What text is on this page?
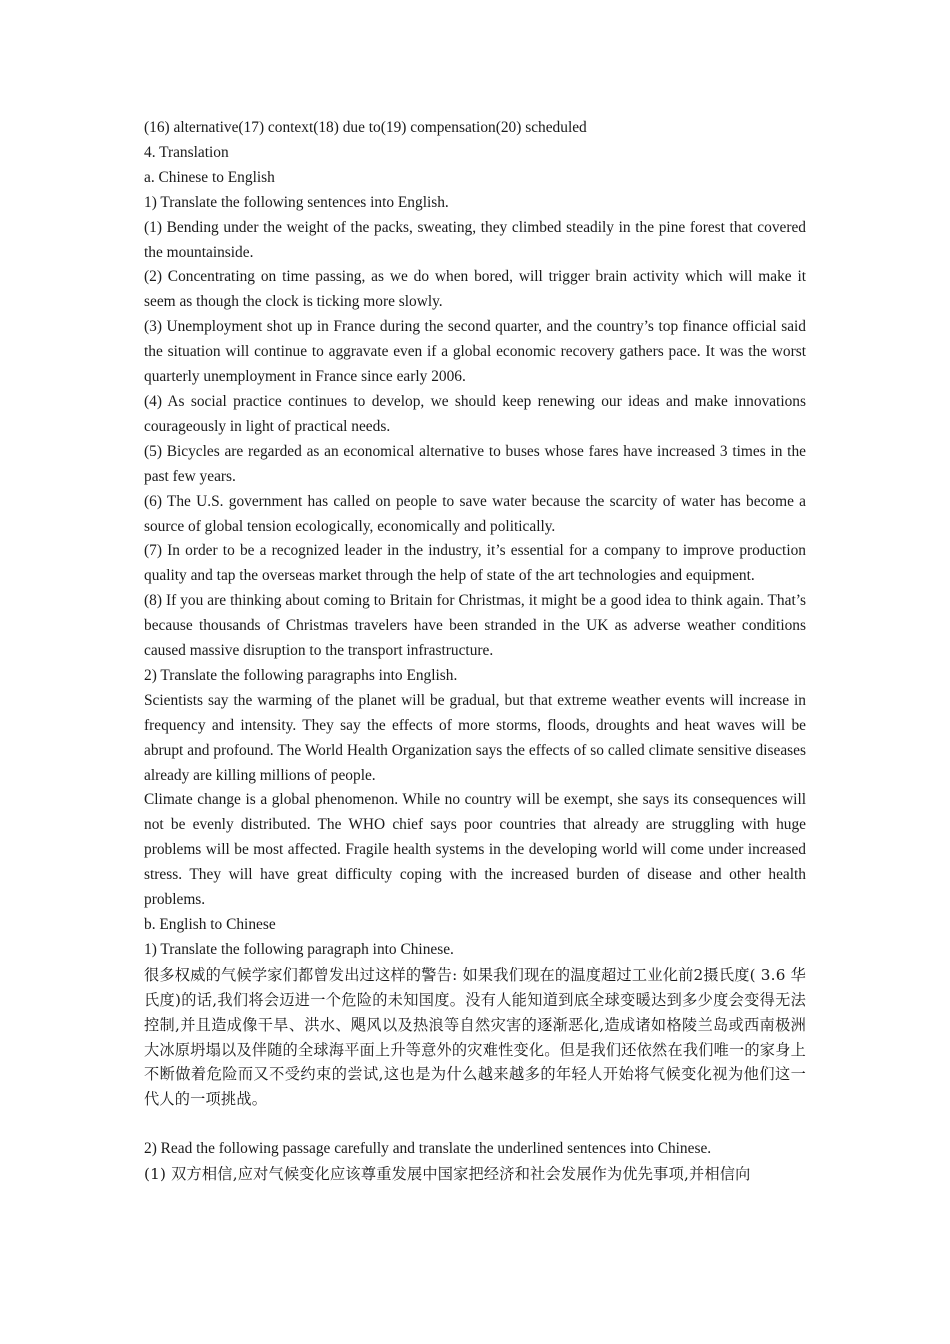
(16) alternative(17) context(18) due to(19) compensation(20) scheduled

4. Translation

a. Chinese to English

1) Translate the following sentences into English.

(1) Bending under the weight of the packs, sweating, they climbed steadily in the pine forest that covered the mountainside.

(2) Concentrating on time passing, as we do when bored, will trigger brain activity which will make it seem as though the clock is ticking more slowly.

(3) Unemployment shot up in France during the second quarter, and the country’s top finance official said the situation will continue to aggravate even if a global economic recovery gathers pace. It was the worst quarterly unemployment in France since early 2006.

(4) As social practice continues to develop, we should keep renewing our ideas and make innovations courageously in light of practical needs.

(5) Bicycles are regarded as an economical alternative to buses whose fares have increased 3 times in the past few years.

(6) The U.S. government has called on people to save water because the scarcity of water has become a source of global tension ecologically, economically and politically.

(7) In order to be a recognized leader in the industry, it’s essential for a company to improve production quality and tap the overseas market through the help of state of the art technologies and equipment.

(8) If you are thinking about coming to Britain for Christmas, it might be a good idea to think again. That’s because thousands of Christmas travelers have been stranded in the UK as adverse weather conditions caused massive disruption to the transport infrastructure.

2) Translate the following paragraphs into English.

Scientists say the warming of the planet will be gradual, but that extreme weather events will increase in frequency and intensity. They say the effects of more storms, floods, droughts and heat waves will be abrupt and profound. The World Health Organization says the effects of so called climate sensitive diseases already are killing millions of people.

Climate change is a global phenomenon. While no country will be exempt, she says its consequences will not be evenly distributed. The WHO chief says poor countries that already are struggling with huge problems will be most affected. Fragile health systems in the developing world will come under increased stress. They will have great difficulty coping with the increased burden of disease and other health problems.

b. English to Chinese

1) Translate the following paragraph into Chinese.

很多权威的气候学家们都曾发出过这样的警告: 如果我们现在的温度超过工业化前2摄氏度( 3.6 华氏度)的话,我们将会迈进一个危险的未知国度。没有人能知道到底全球变暖达到多少度会变得无法控制,并且造成像干旱、洪水、飓风以及热浪等自然灾害的逐渐恶化,造成诸如格陵兰岛或西南极洲大冰原坍塌以及伴随的全球海平面上升等意外的灾难性变化。但是我们还依然在我们唯一的家身上不断做着危险而又不受约束的尝试,这也是为什么越来越多的年轻人开始将气候变化视为他们这一代人的一项挑战。

2) Read the following passage carefully and translate the underlined sentences into Chinese.

(1) 双方相信,应对气候变化应该尊重发展中国家把经济和社会发展作为优先事项,并相信向
